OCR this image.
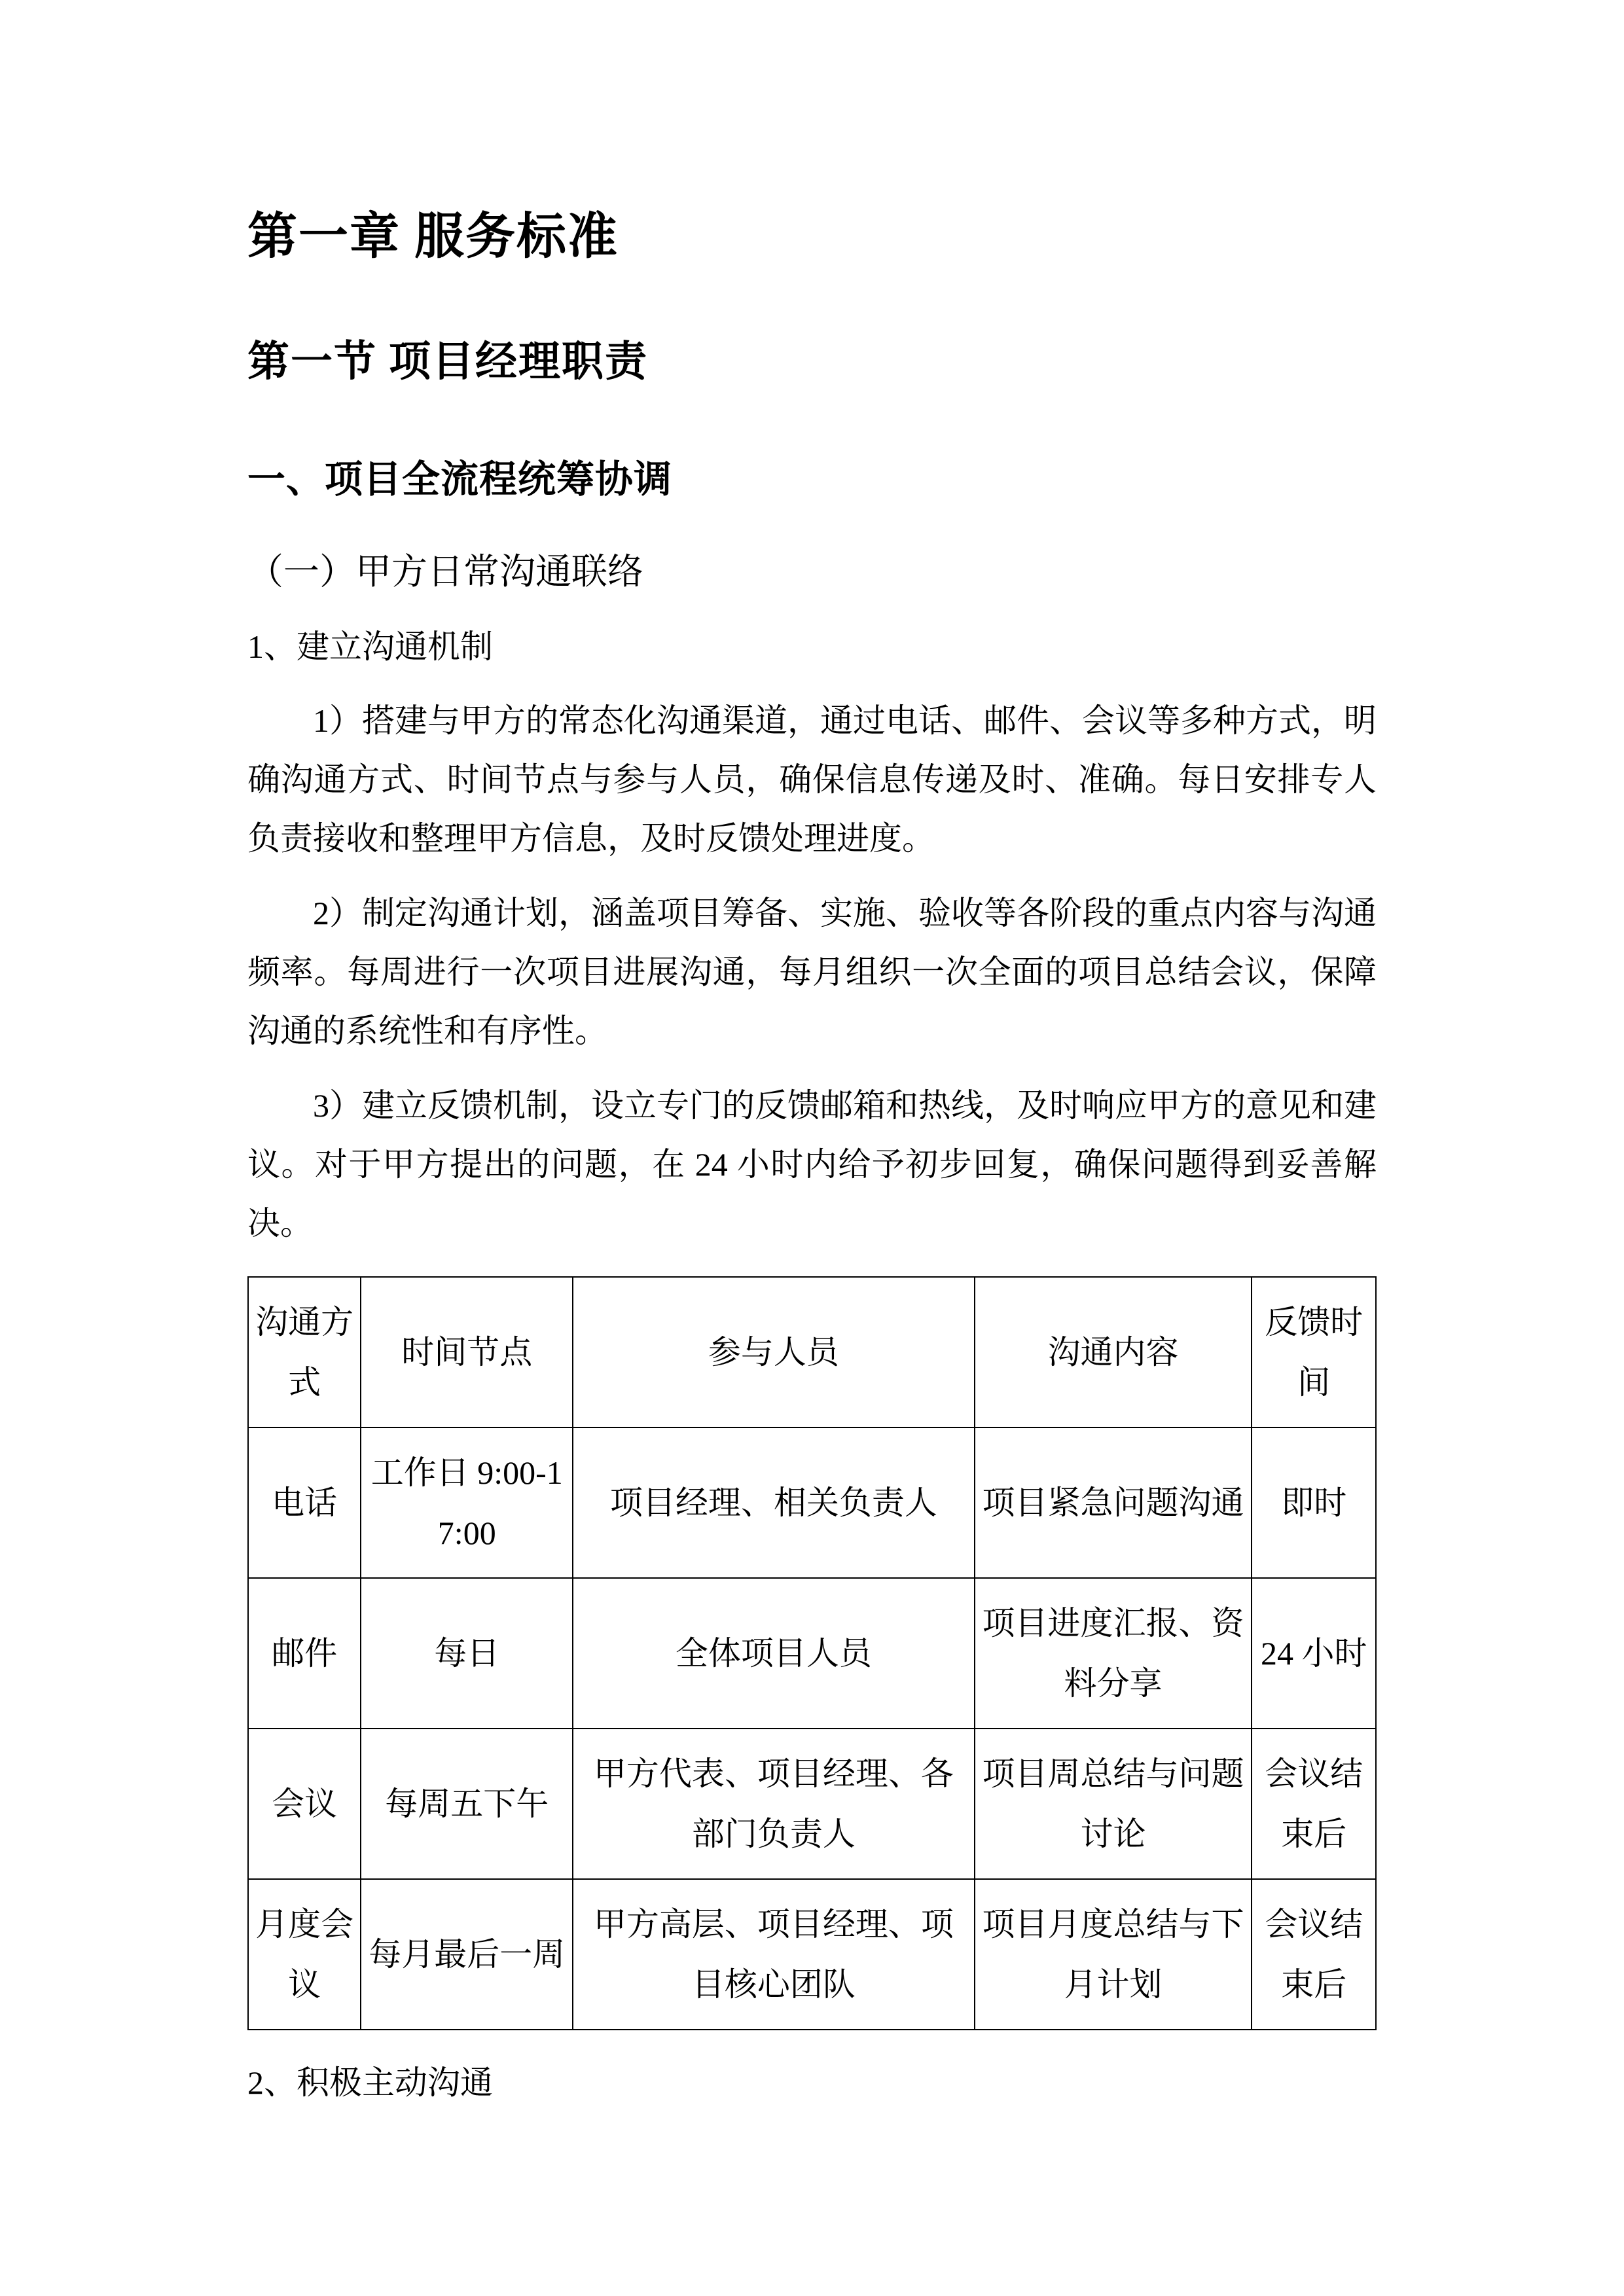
第一章 服务标准
第一节 项目经理职责
一、项目全流程统筹协调
（一）甲方日常沟通联络

1、建立沟通机制

1）搭建与甲方的常态化沟通渠道，通过电话、邮件、会议等多种方式，明确沟通方式、时间节点与参与人员，确保信息传递及时、准确。每日安排专人负责接收和整理甲方信息，及时反馈处理进度。

2）制定沟通计划，涵盖项目筹备、实施、验收等各阶段的重点内容与沟通频率。每周进行一次项目进展沟通，每月组织一次全面的项目总结会议，保障沟通的系统性和有序性。

3）建立反馈机制，设立专门的反馈邮箱和热线，及时响应甲方的意见和建议。对于甲方提出的问题，在 24 小时内给予初步回复，确保问题得到妥善解决。

沟通方式	时间节点	参与人员	沟通内容	反馈时间
电话	工作日 9:00-17:00	项目经理、相关负责人	项目紧急问题沟通	即时
邮件	每日	全体项目人员	项目进度汇报、资料分享	24 小时
会议	每周五下午	甲方代表、项目经理、各部门负责人	项目周总结与问题讨论	会议结束后
月度会议	每月最后一周	甲方高层、项目经理、项目核心团队	项目月度总结与下月计划	会议结束后

2、积极主动沟通
